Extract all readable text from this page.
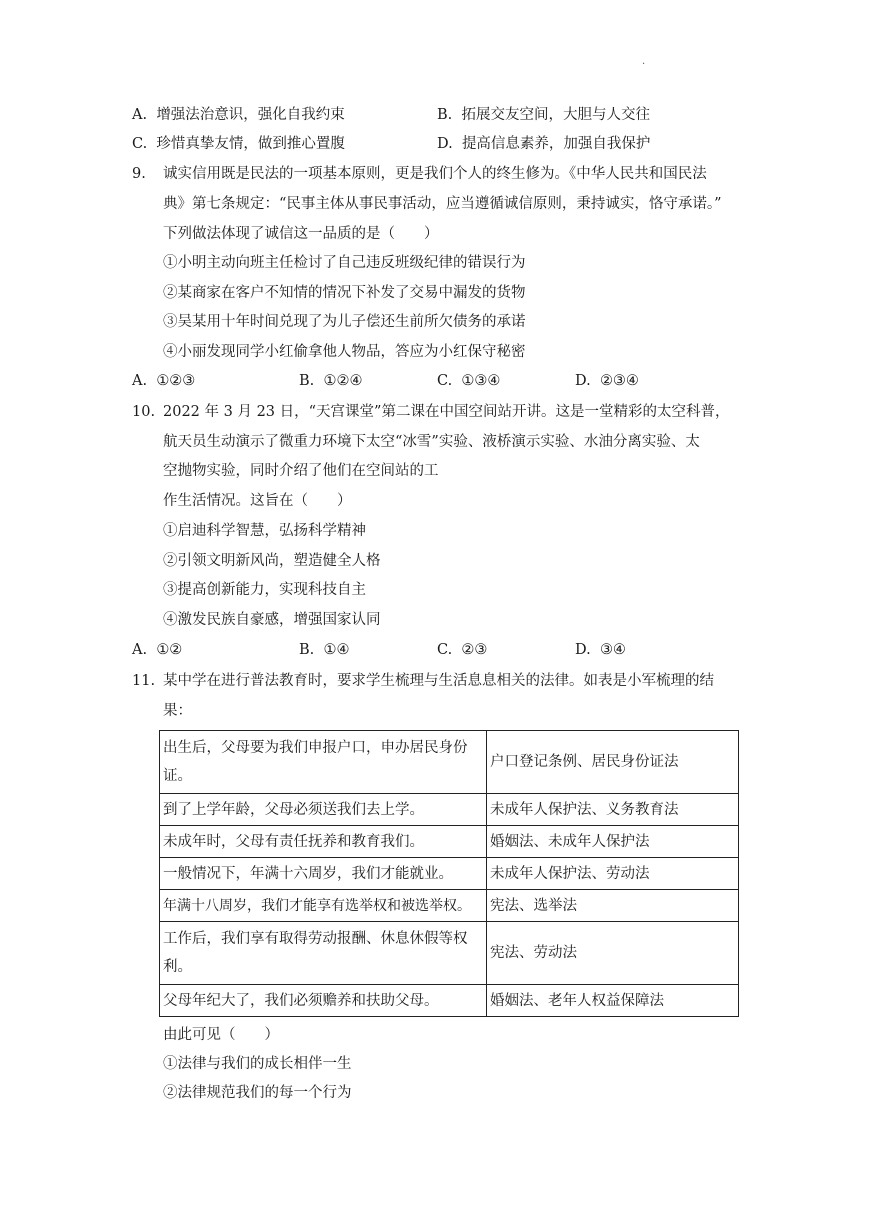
.
A. 增强法治意识，强化自我约束	B. 拓展交友空间，大胆与人交往
C. 珍惜真挚友情，做到推心置腹	D. 提高信息素养，加强自我保护
9. 诚实信用既是民法的一项基本原则，更是我们个人的终生修为。《中华人民共和国民法
典》第七条规定：“民事主体从事民事活动，应当遵循诚信原则，秉持诚实，恪守承诺。”
下列做法体现了诚信这一品质的是（　　）
①小明主动向班主任检讨了自己违反班级纪律的错误行为
②某商家在客户不知情的情况下补发了交易中漏发的货物
③吴某用十年时间兑现了为儿子偿还生前所欠债务的承诺
④小丽发现同学小红偷拿他人物品，答应为小红保守秘密
A. ①②③	B. ①②④	C. ①③④	D. ②③④
10. 2022 年 3 月 23 日，“天宫课堂”第二课在中国空间站开讲。这是一堂精彩的太空科普，
航天员生动演示了微重力环境下太空“冰雪”实验、液桥演示实验、水油分离实验、太
空抛物实验，同时介绍了他们在空间站的工
作生活情况。这旨在（　　）
①启迪科学智慧，弘扬科学精神
②引领文明新风尚，塑造健全人格
③提高创新能力，实现科技自主
④激发民族自豪感，增强国家认同
A. ①②	B. ①④	C. ②③	D. ③④
11. 某中学在进行普法教育时，要求学生梳理与生活息息相关的法律。如表是小军梳理的结
果：
出生后，父母要为我们申报户口，申办居民身份证。	户口登记条例、居民身份证法
到了上学年龄，父母必须送我们去上学。	未成年人保护法、义务教育法
未成年时，父母有责任抚养和教育我们。	婚姻法、未成年人保护法
一般情况下，年满十六周岁，我们才能就业。	未成年人保护法、劳动法
年满十八周岁，我们才能享有选举权和被选举权。	宪法、选举法
工作后，我们享有取得劳动报酬、休息休假等权利。	宪法、劳动法
父母年纪大了，我们必须赡养和扶助父母。	婚姻法、老年人权益保障法
由此可见（　　）
①法律与我们的成长相伴一生
②法律规范我们的每一个行为
